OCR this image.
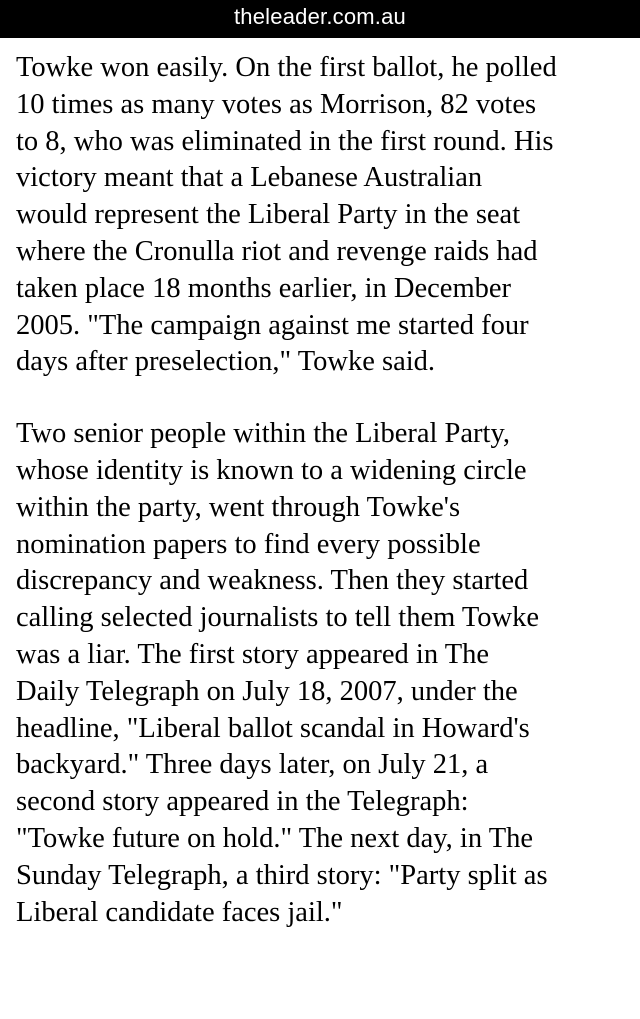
theleader.com.au

Towke won easily. On the first ballot, he polled
10 times as many votes as Morrison, 82 votes
to 8, who was eliminated in the first round. His
victory meant that a Lebanese Australian
would represent the Liberal Party in the seat
where the Cronulla riot and revenge raids had
taken place 18 months earlier, in December
2005. "The campaign against me started four
days after preselection," Towke said.

Two senior people within the Liberal Party,
whose identity is known to a widening circle
within the party, went through Towke's
nomination papers to find every possible
discrepancy and weakness. Then they started
calling selected journalists to tell them Towke
was a liar. The first story appeared in The
Daily Telegraph on July 18, 2007, under the
headline, "Liberal ballot scandal in Howard's
backyard." Three days later, on July 21, a
second story appeared in the Telegraph:
"Towke future on hold." The next day, in The
Sunday Telegraph, a third story: "Party split as
Liberal candidate faces jail."
